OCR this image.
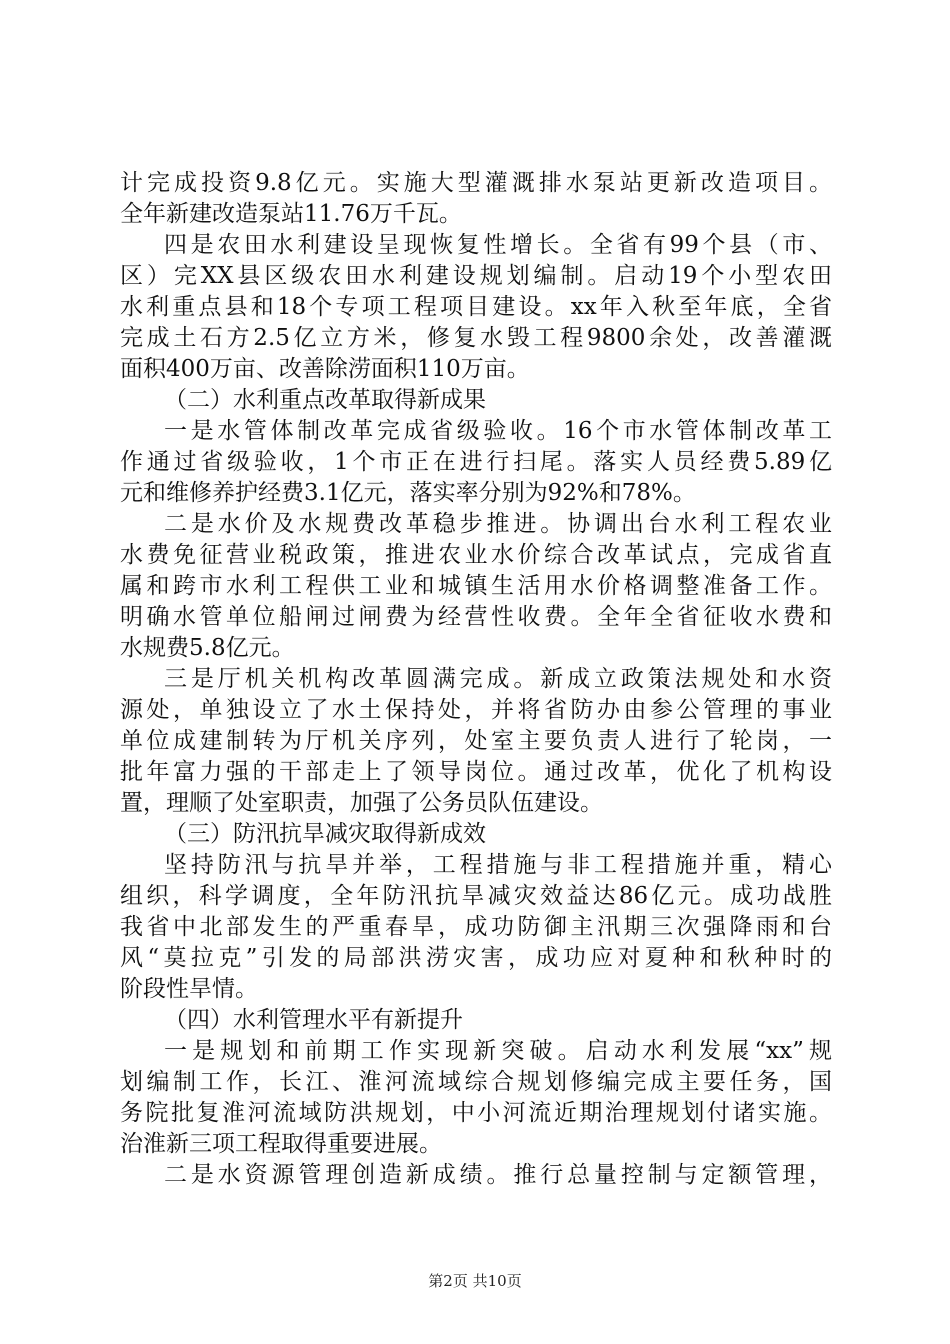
计完成投资9.8亿元。实施大型灌溉排水泵站更新改造项目。
全年新建改造泵站11.76万千瓦。
四是农田水利建设呈现恢复性增长。全省有99个县（市、
区）完XX县区级农田水利建设规划编制。启动19个小型农田
水利重点县和18个专项工程项目建设。xx年入秋至年底，全省
完成土石方2.5亿立方米，修复水毁工程9800余处，改善灌溉
面积400万亩、改善除涝面积110万亩。
（二）水利重点改革取得新成果
一是水管体制改革完成省级验收。16个市水管体制改革工
作通过省级验收，1个市正在进行扫尾。落实人员经费5.89亿
元和维修养护经费3.1亿元，落实率分别为92%和78%。
二是水价及水规费改革稳步推进。协调出台水利工程农业
水费免征营业税政策，推进农业水价综合改革试点，完成省直
属和跨市水利工程供工业和城镇生活用水价格调整准备工作。
明确水管单位船闸过闸费为经营性收费。全年全省征收水费和
水规费5.8亿元。
三是厅机关机构改革圆满完成。新成立政策法规处和水资
源处，单独设立了水土保持处，并将省防办由参公管理的事业
单位成建制转为厅机关序列，处室主要负责人进行了轮岗，一
批年富力强的干部走上了领导岗位。通过改革，优化了机构设
置，理顺了处室职责，加强了公务员队伍建设。
（三）防汛抗旱减灾取得新成效
坚持防汛与抗旱并举，工程措施与非工程措施并重，精心
组织，科学调度，全年防汛抗旱减灾效益达86亿元。成功战胜
我省中北部发生的严重春旱，成功防御主汛期三次强降雨和台
风“莫拉克”引发的局部洪涝灾害，成功应对夏种和秋种时的
阶段性旱情。
（四）水利管理水平有新提升
一是规划和前期工作实现新突破。启动水利发展“xx”规
划编制工作，长江、淮河流域综合规划修编完成主要任务，国
务院批复淮河流域防洪规划，中小河流近期治理规划付诸实施。
治淮新三项工程取得重要进展。
二是水资源管理创造新成绩。推行总量控制与定额管理，
第2页 共10页
